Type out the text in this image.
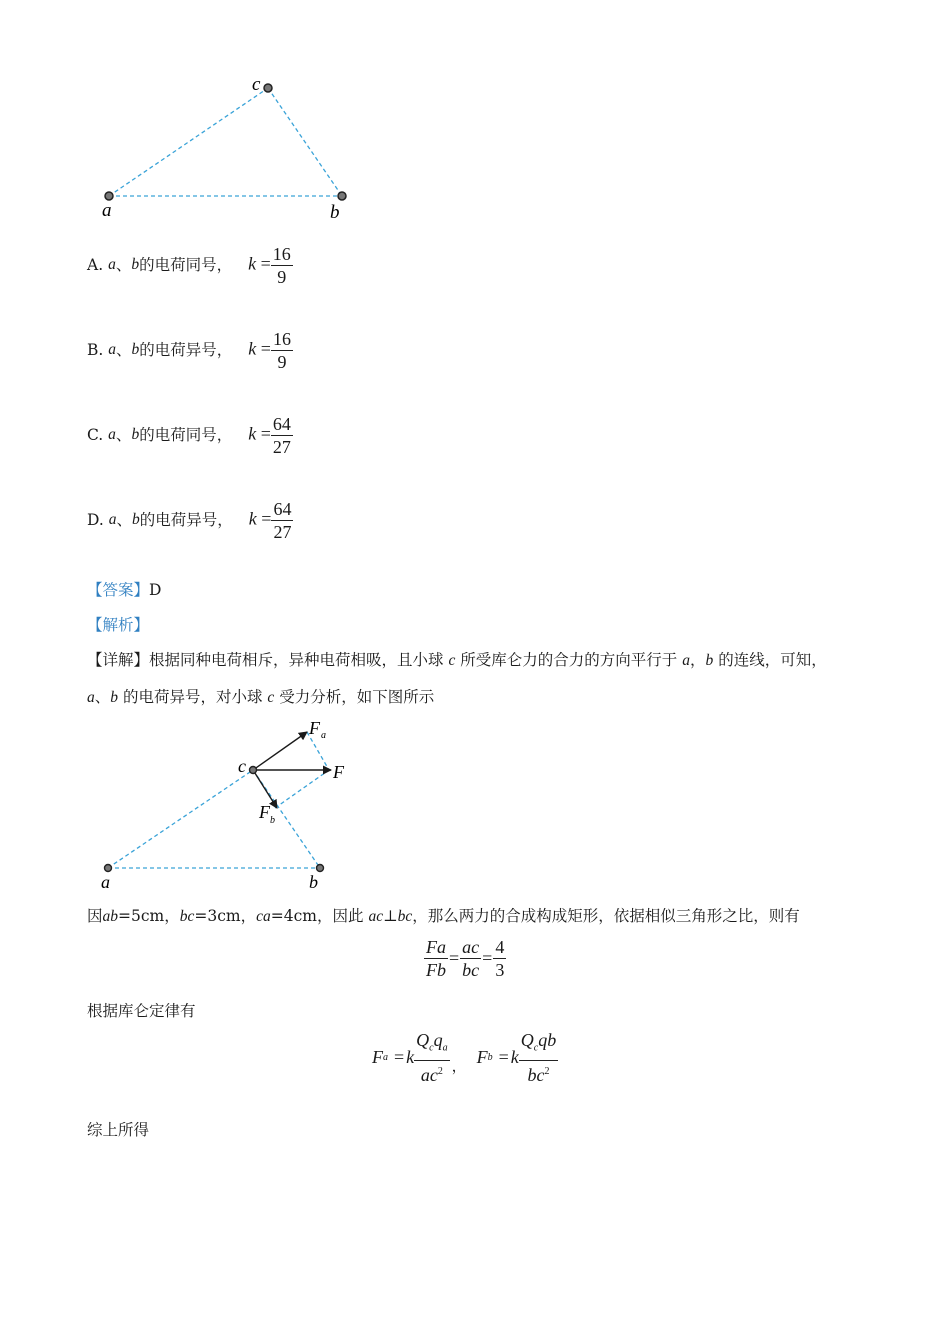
a	b
c
A.
a 、 b 的电荷同号， $k = \frac{16}{9}$
B.
a 、 b 的电荷异号， $k = \frac{16}{9}$
C.
a 、 b 的电荷同号， $k = \frac{64}{27}$
D.
a 、 b 的电荷异号， $k = \frac{64}{27}$
【答案】D
【解析】
【详解】根据同种电荷相斥，异种电荷相吸，且小球 c 所受库仑力的合力的方向平行于 a，b 的连线，可知，
a、b 的电荷异号，对小球 c 受力分析，如下图所示
c
a	b
F
F a
F b
因ab=5cm，bc=3cm，ca=4cm，因此 ac⊥bc，那么两力的合成构成矩形，依据相似三角形之比，则有
$\frac{Fa}{Fb} = \frac{ac}{bc} = \frac{4}{3}$
根据库仑定律有
F a = k $\frac{Q_cq_a}{ac^2}$ ， F b = k $\frac{Q_cqb}{bc^2}$
综上所得
